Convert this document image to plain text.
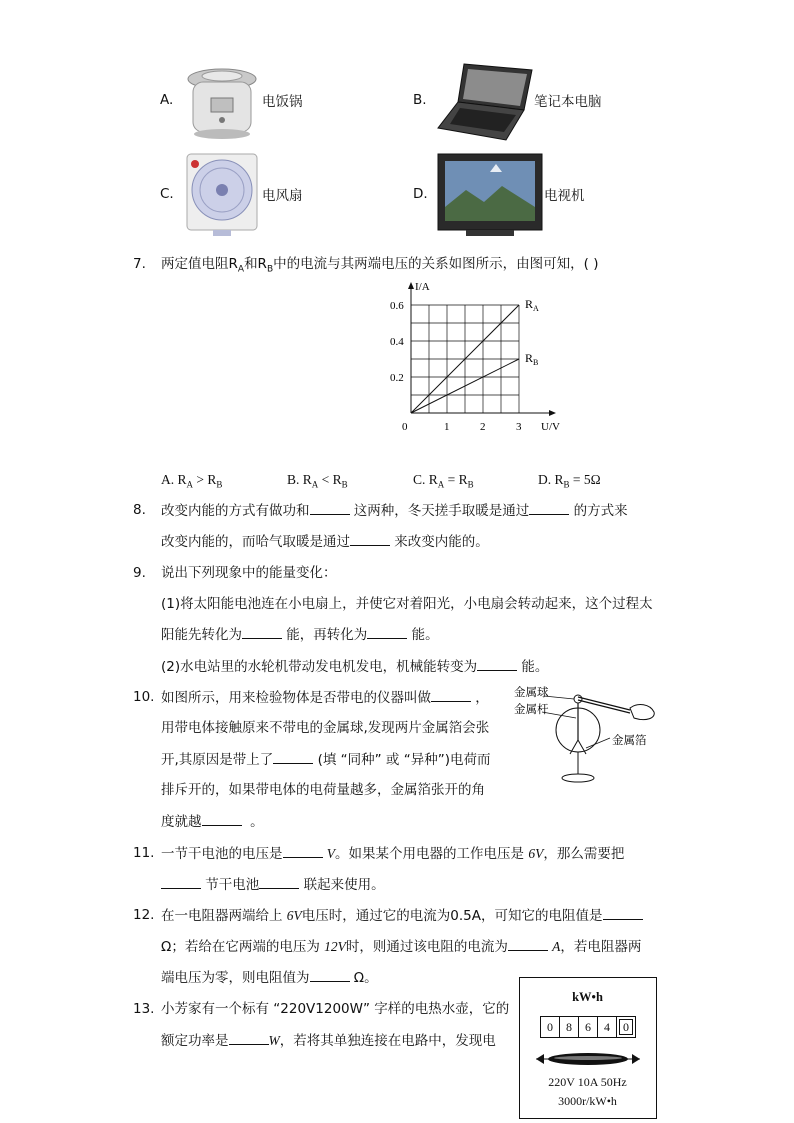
A.	电饭锅	B.	笔记本电脑
C.	电风扇	D.	电视机
7. 两定值电阻$R_A$和$R_B$中的电流与其两端电压的关系如图所示，由图可知，( )
$R_A$
$R_B$
0	1	2	3
0.2
0.4
0.6
I/A
U/V
A. $R_A > R_B$	B. $R_A < R_B$	C. $R_A = R_B$	D. $R_B = 5\Omega$
8. 改变内能的方式有做功和	这两种，冬天搓手取暖是通过	的方式来
改变内能的，而哈气取暖是通过	来改变内能的。
9. 说出下列现象中的能量变化：
(1)将太阳能电池连在小电扇上，并使它对着阳光，小电扇会转动起来，这个过程太
阳能先转化为	能，再转化为	能。
(2)水电站里的水轮机带动发电机发电，机械能转变为	能。
10. 如图所示，用来检验物体是否带电的仪器叫做	，
用带电体接触原来不带电的金属球,发现两片金属箔会张
开,其原因是带上了	(填 “同种” 或 “异种”)电荷而
排斥开的，如果带电体的电荷量越多，金属箔张开的角
度就越	。
金属球
金属杆
金属箔
11. 一节干电池的电压是	V。如果某个用电器的工作电压是 6V，那么需要把
节干电池	联起来使用。
12. 在一电阻器两端给上 6V电压时，通过它的电流为0.5A，可知它的电阻值是
Ω；若给在它两端的电压为 12V时，则通过该电阻的电流为	A，若电阻器两
端电压为零，则电阻值为	Ω。
13. 小芳家有一个标有 “220V1200W” 字样的电热水壶，它的
额定功率是	W，若将其单独连接在电路中，发现电
kW•h
0	8	6	4	0
220V 10A 50Hz
3000r/kW•h
